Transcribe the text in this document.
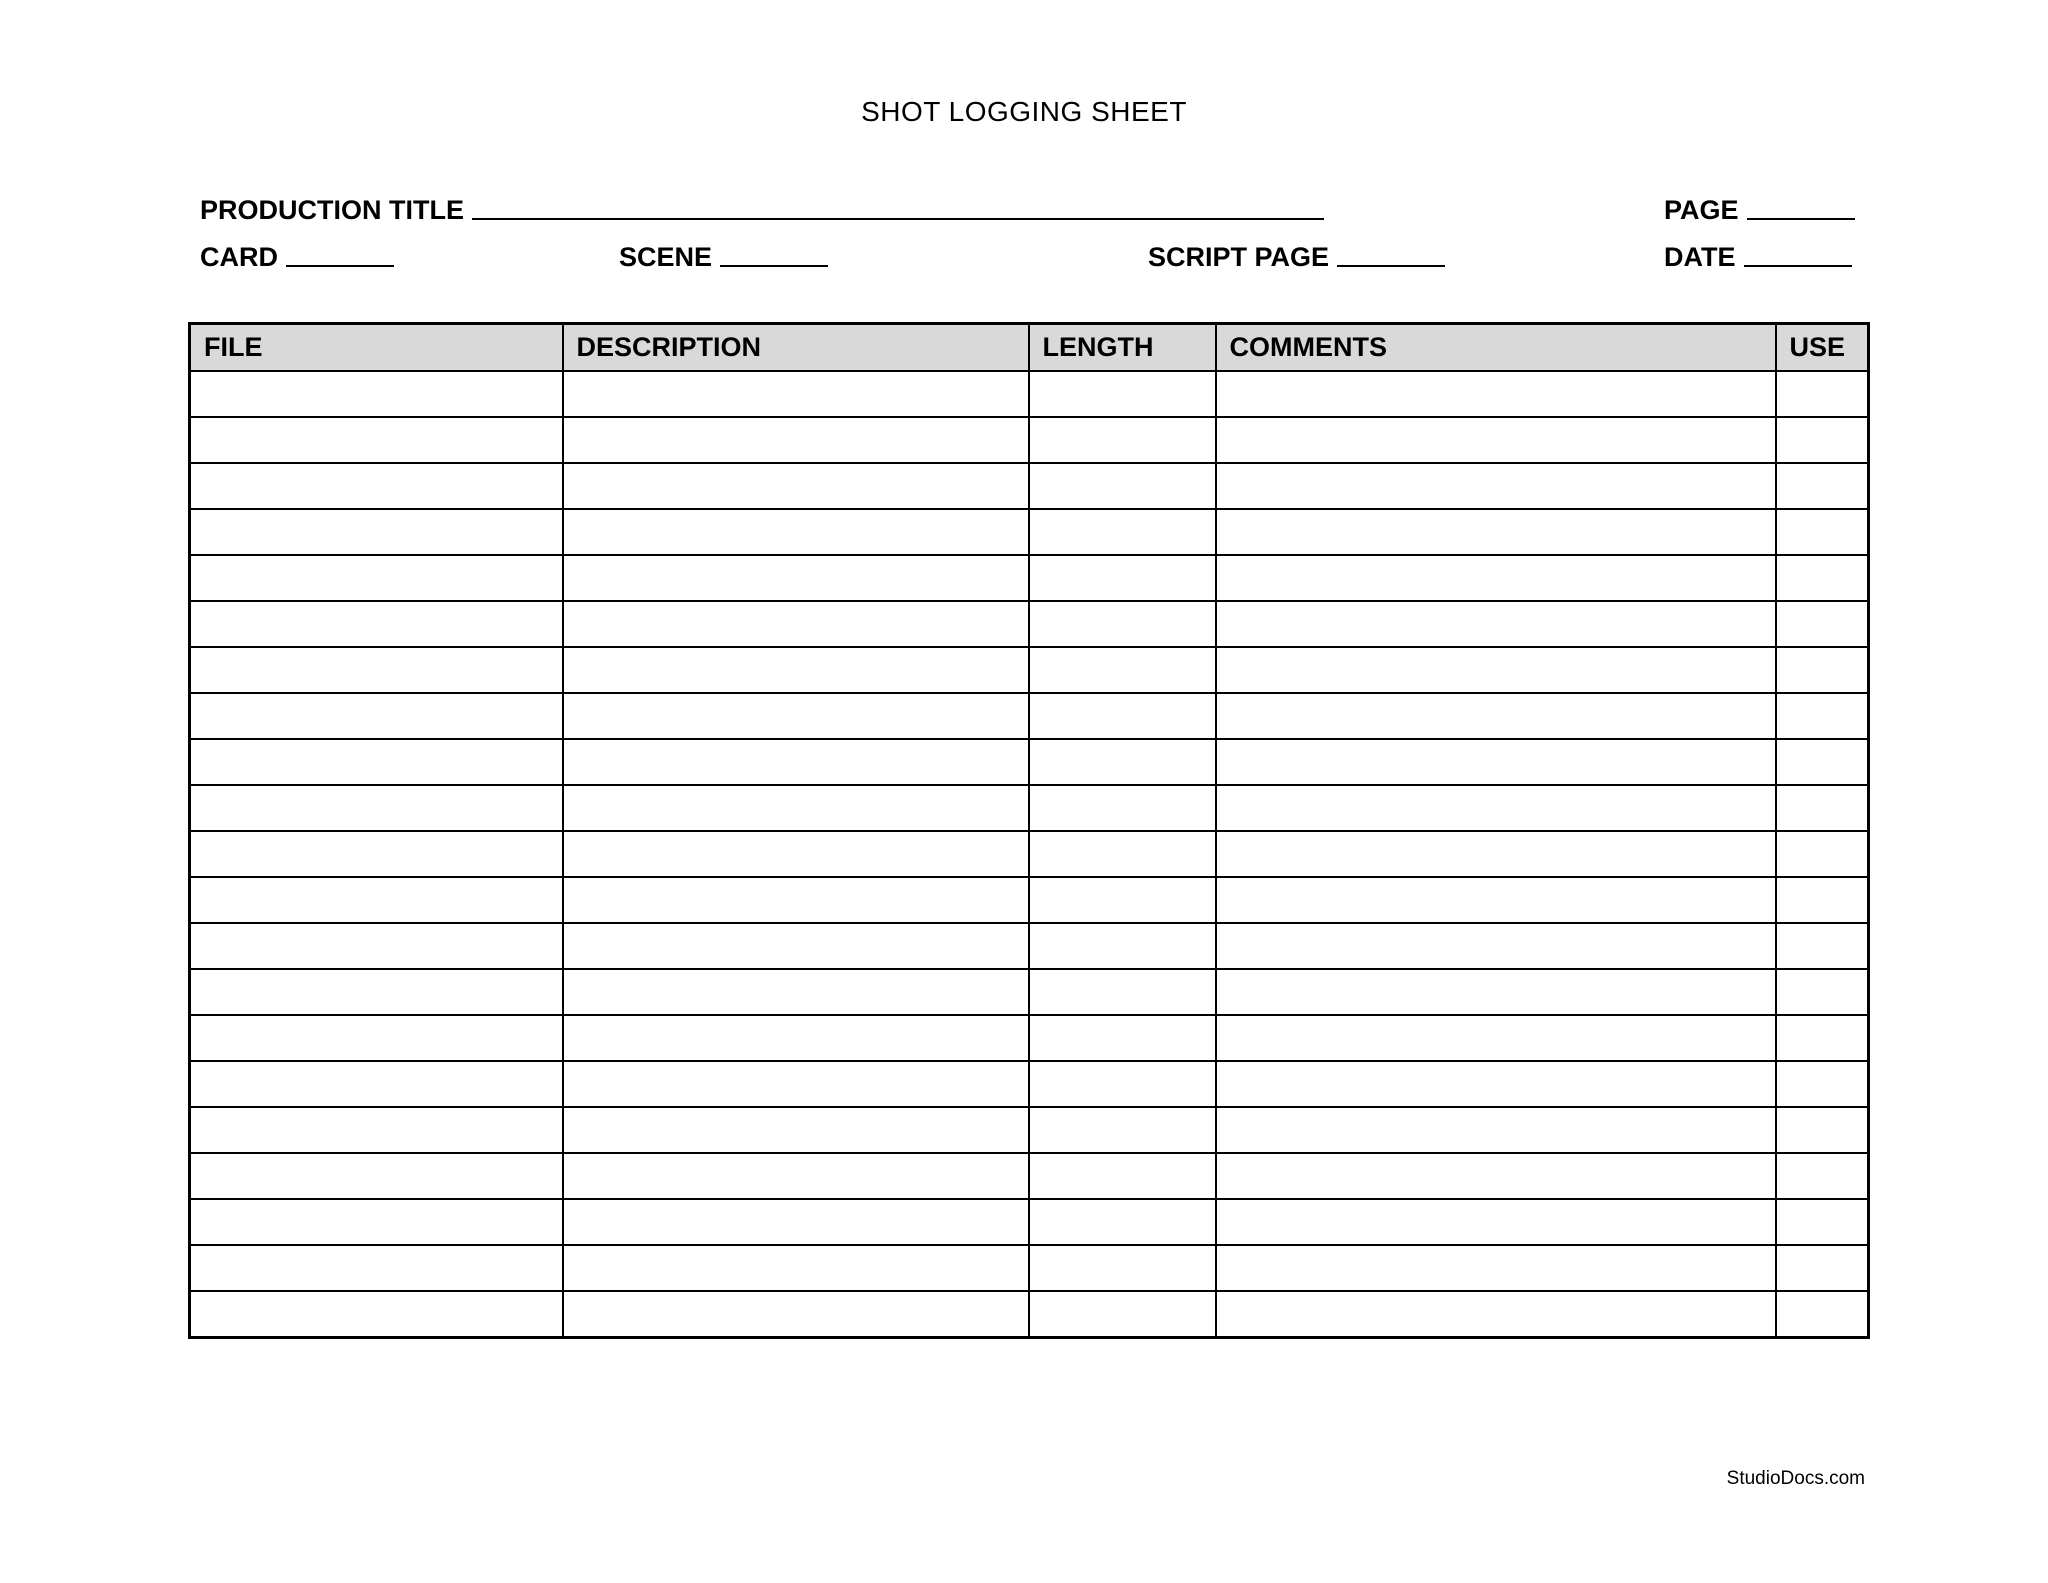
SHOT LOGGING SHEET
PRODUCTION TITLE	PAGE
CARD	SCENE	SCRIPT PAGE	DATE
FILE	DESCRIPTION	LENGTH	COMMENTS	USE

StudioDocs.com
